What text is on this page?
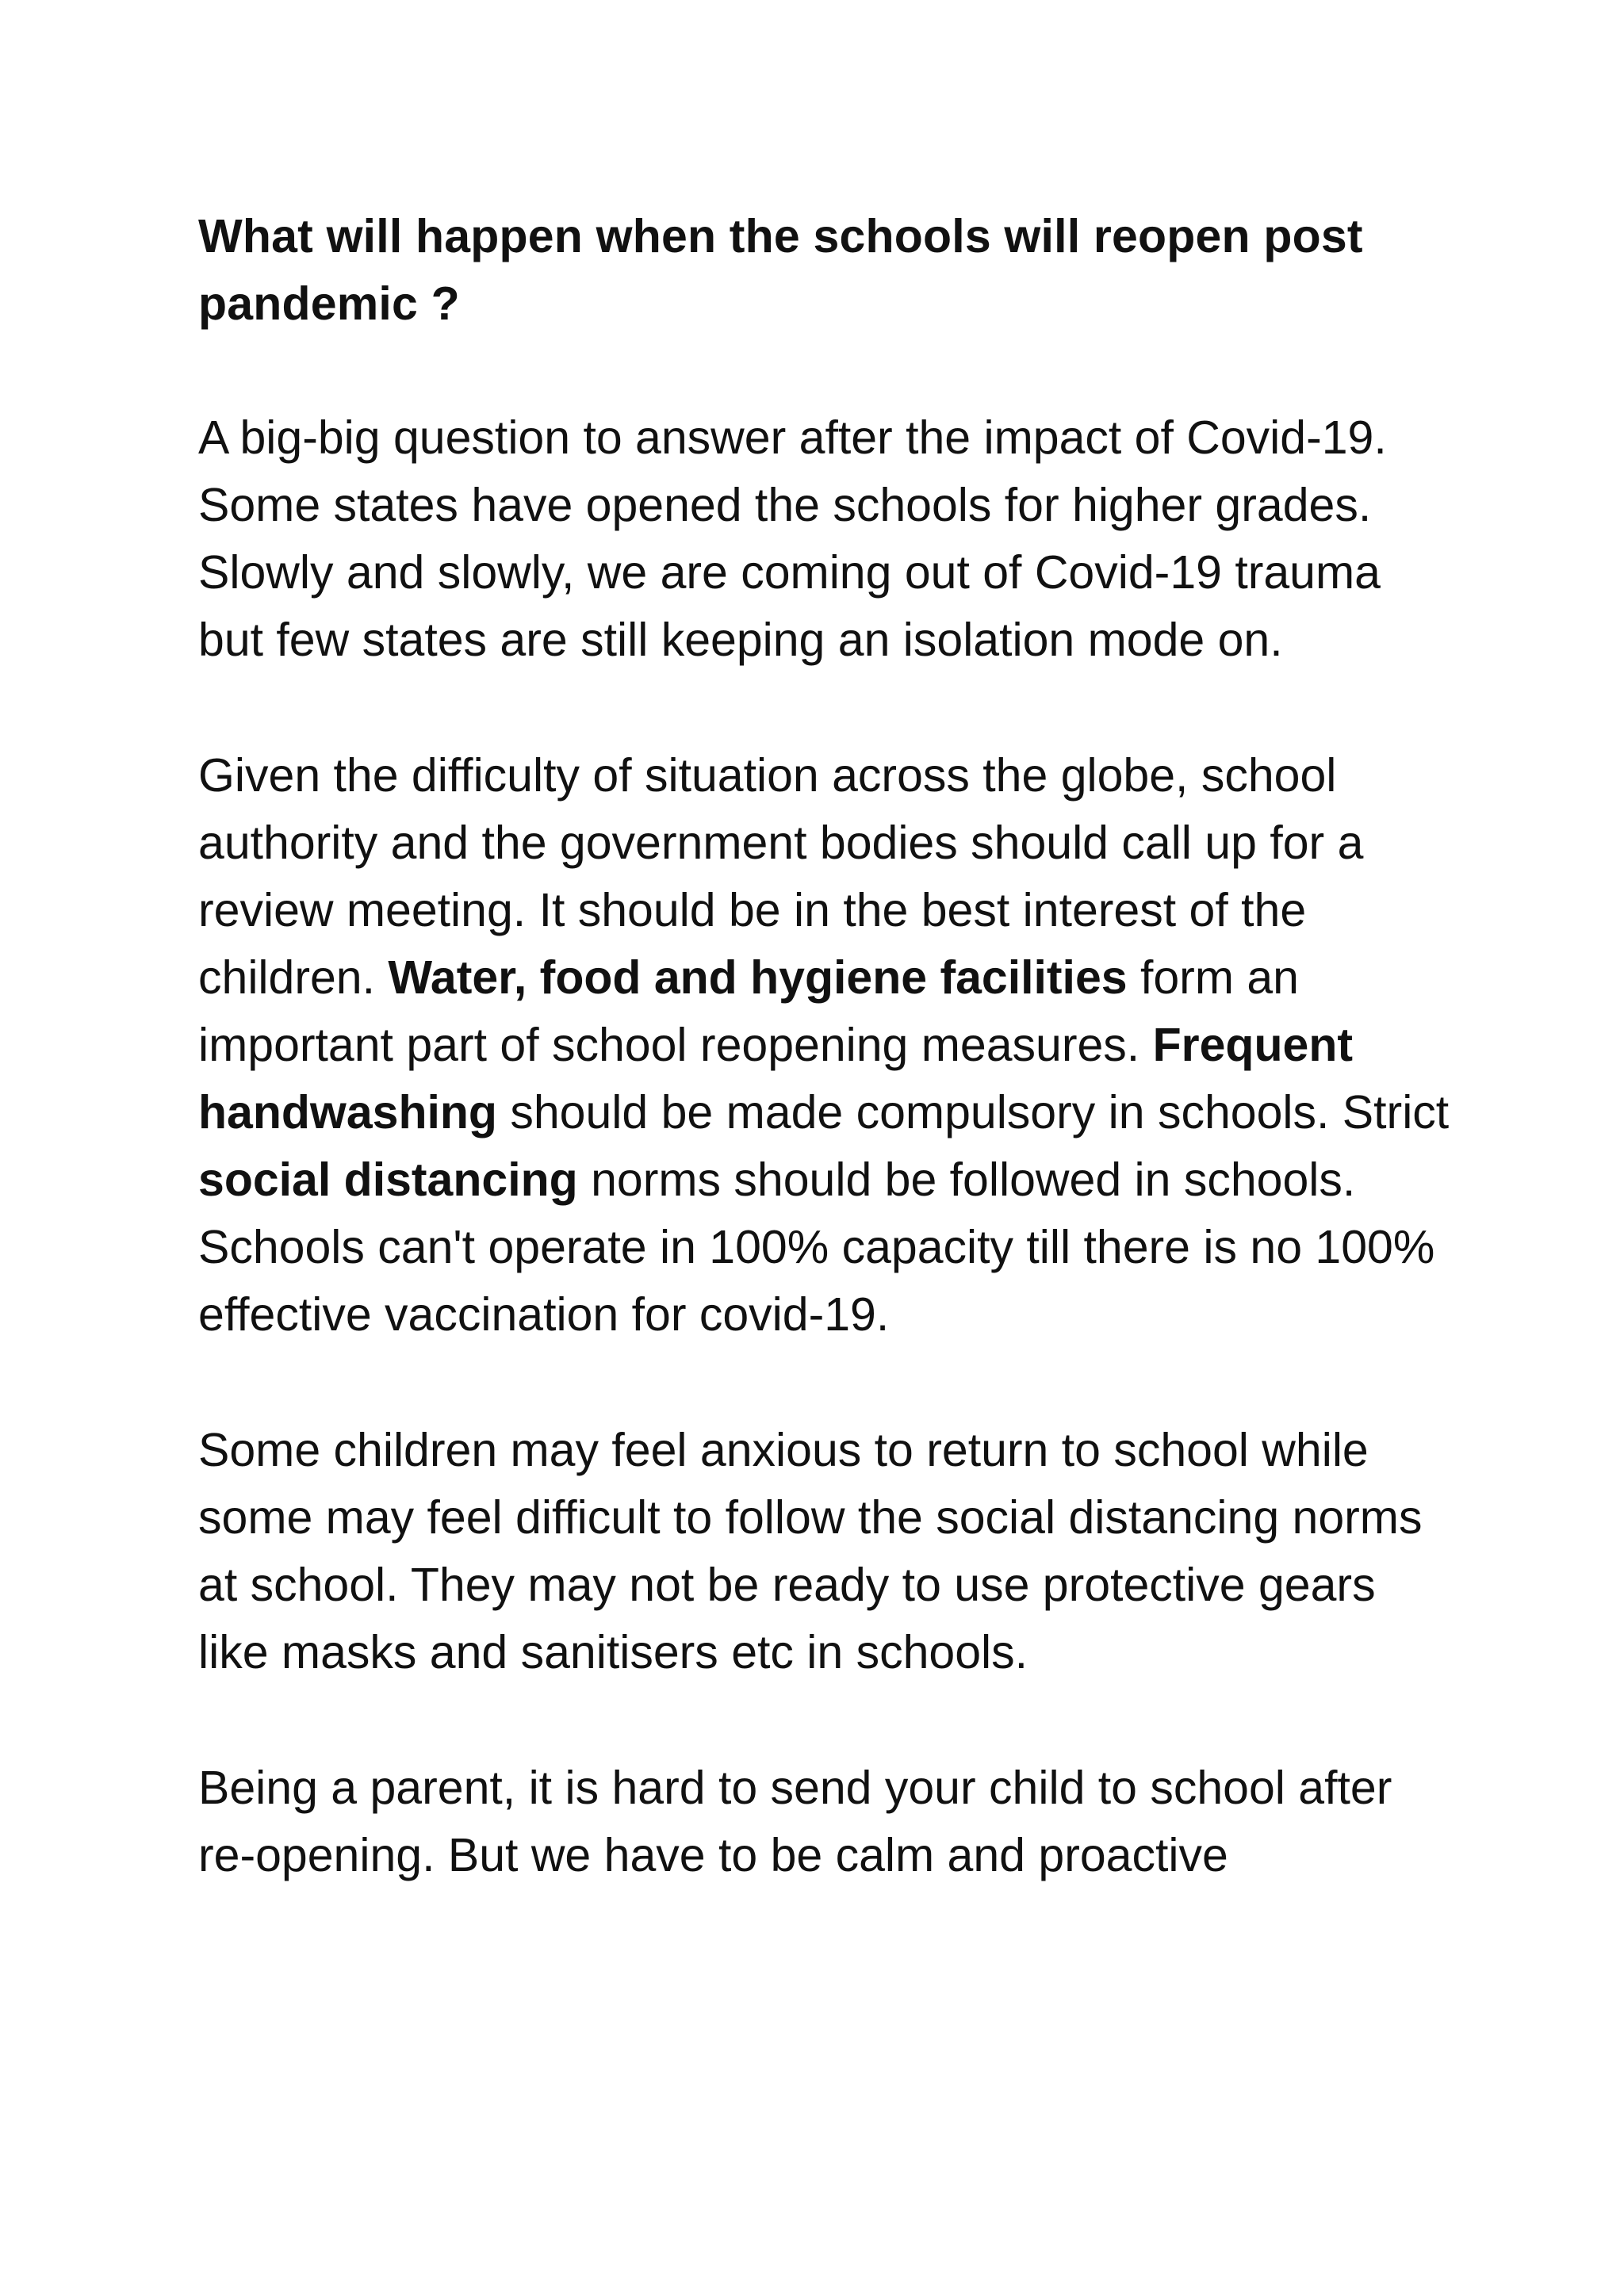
What will happen when the schools will reopen post pandemic ?

A big-big question to answer after the impact of Covid-19. Some states have opened the schools for higher grades. Slowly and slowly, we are coming out of Covid-19 trauma but few states are still keeping an isolation mode on.

Given the difficulty of situation across the globe, school authority and the government bodies should call up for a review meeting. It should be in the best interest of the children. Water, food and hygiene facilities form an important part of school reopening measures. Frequent handwashing should be made compulsory in schools. Strict social distancing norms should be followed in schools. Schools can't operate in 100% capacity till there is no 100% effective vaccination for covid-19.

Some children may feel anxious to return to school while some may feel difficult to follow the social distancing norms at school. They may not be ready to use protective gears like masks and sanitisers etc in schools.

Being a parent, it is hard to send your child to school after re-opening. But we have to be calm and proactive
